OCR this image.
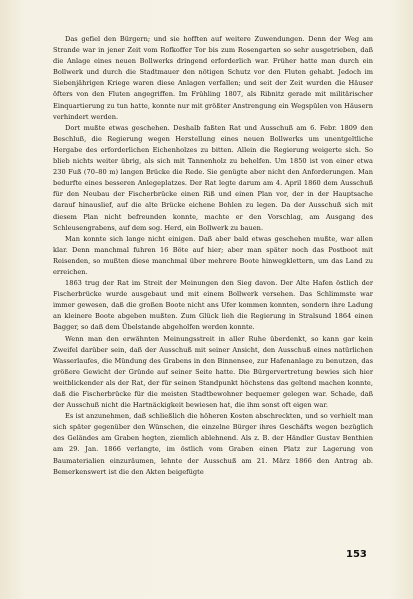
Das gefiel den Bürgern; und sie hofften auf weitere Zuwendungen. Denn der Weg am Strande war in jener Zeit vom Rofkoffer Tor bis zum Rosengarten so sehr ausgetrieben, daß die Anlage eines neuen Bollwerks dringend erforderlich war. Früher hatte man durch ein Bollwerk und durch die Stadtmauer den nötigen Schutz vor den Fluten gehabt. Jedoch im Siebenjährigen Kriege waren diese Anlagen verfallen; und seit der Zeit wurden die Häuser öfters von den Fluten angegriffen. Im Frühling 1807, als Ribnitz gerade mit militärischer Einquartierung zu tun hatte, konnte nur mit größter Anstrengung ein Wegspülen von Häusern verhindert werden.

Dort mußte etwas geschehen. Deshalb faßten Rat und Ausschuß am 6. Febr. 1809 den Beschluß, die Regierung wegen Herstellung eines neuen Bollwerks um unentgeltliche Hergabe des erforderlichen Eichenholzes zu bitten. Allein die Regierung weigerte sich. So blieb nichts weiter übrig, als sich mit Tannenholz zu behelfen. Um 1850 ist von einer etwa 230 Fuß (70–80 m) langen Brücke die Rede. Sie genügte aber nicht den Anforderungen. Man bedurfte eines besseren Anlegeplatzes. Der Rat legte darum am 4. April 1860 dem Ausschuß für den Neubau der Fischerbrücke einen Riß und einen Plan vor, der in der Hauptsache darauf hinauslief, auf die alte Brücke eichene Bohlen zu legen. Da der Ausschuß sich mit diesem Plan nicht befreunden konnte, machte er den Vorschlag, am Ausgang des Schleusengrabens, auf dem sog. Herd, ein Bollwerk zu bauen.

Man konnte sich lange nicht einigen. Daß aber bald etwas geschehen mußte, war allen klar. Denn manchmal fuhren 16 Böte auf hier; aber man später noch das Postboot mit Reisenden, so mußten diese manchmal über mehrere Boote hinwegklettern, um das Land zu erreichen.

1863 trug der Rat im Streit der Meinungen den Sieg davon. Der Alte Hafen östlich der Fischerbrücke wurde ausgebaut und mit einem Bollwerk versehen. Das Schlimmste war immer gewesen, daß die großen Boote nicht ans Ufer kommen konnten, sondern ihre Ladung an kleinere Boote abgeben mußten. Zum Glück lieh die Regierung in Stralsund 1864 einen Bagger, so daß dem Übelstande abgeholfen werden konnte.

Wenn man den erwähnten Meinungsstreit in aller Ruhe überdenkt, so kann gar kein Zweifel darüber sein, daß der Ausschuß mit seiner Ansicht, den Ausschuß eines natürlichen Wasserlaufes, die Mündung des Grabens in den Binnensee, zur Hafenanlage zu benutzen, das größere Gewicht der Gründe auf seiner Seite hatte. Die Bürgervertretung bewies sich hier weitblickender als der Rat, der für seinen Standpunkt höchstens das geltend machen konnte, daß die Fischerbrücke für die meisten Stadtbewohner bequemer gelegen war. Schade, daß der Ausschuß nicht die Hartnäckigkeit bewiesen hat, die ihm sonst oft eigen war.

Es ist anzunehmen, daß schließlich die höheren Kosten abschreckten, und so verhielt man sich später gegenüber den Wünschen, die einzelne Bürger ihres Geschäfts wegen bezüglich des Geländes am Graben hegten, ziemlich ablehnend. Als z. B. der Händler Gustav Benthien am 29. Jan. 1866 verlangte, im östlich vom Graben einen Platz zur Lagerung von Baumaterialien einzuräumen, lehnte der Ausschuß am 21. März 1866 den Antrag ab. Bemerkenswert ist die den Akten beigefügte

153
